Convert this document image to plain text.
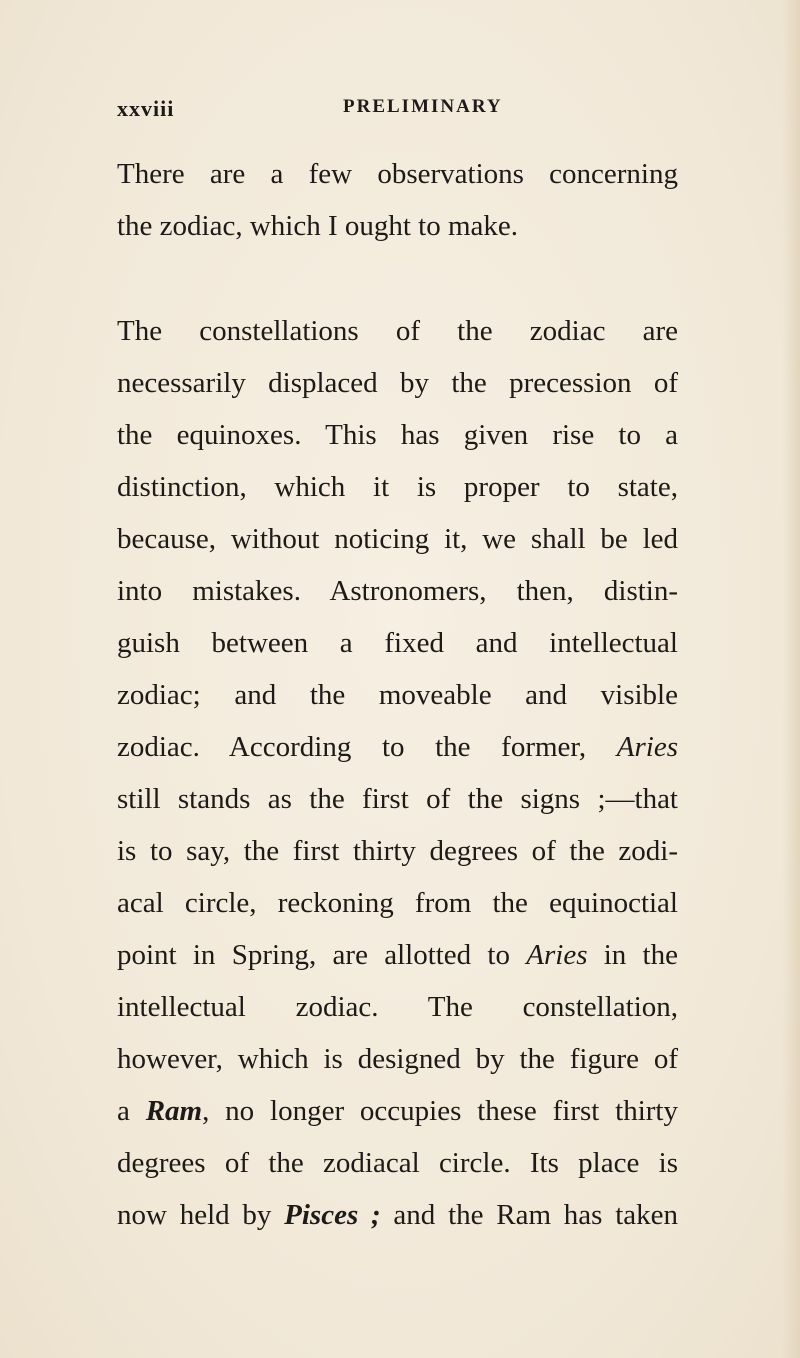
xxviii	PRELIMINARY
There are a few observations concerning
the zodiac, which I ought to make.
The constellations of the zodiac are
necessarily displaced by the precession of
the equinoxes. This has given rise to a
distinction, which it is proper to state,
because, without noticing it, we shall be led
into mistakes. Astronomers, then, distin-
guish between a fixed and intellectual
zodiac; and the moveable and visible
zodiac. According to the former, Aries
still stands as the first of the signs ;—that
is to say, the first thirty degrees of the zodi-
acal circle, reckoning from the equinoctial
point in Spring, are allotted to Aries in the
intellectual zodiac. The constellation,
however, which is designed by the figure of
a Ram, no longer occupies these first thirty
degrees of the zodiacal circle. Its place is
now held by Pisces ; and the Ram has taken
